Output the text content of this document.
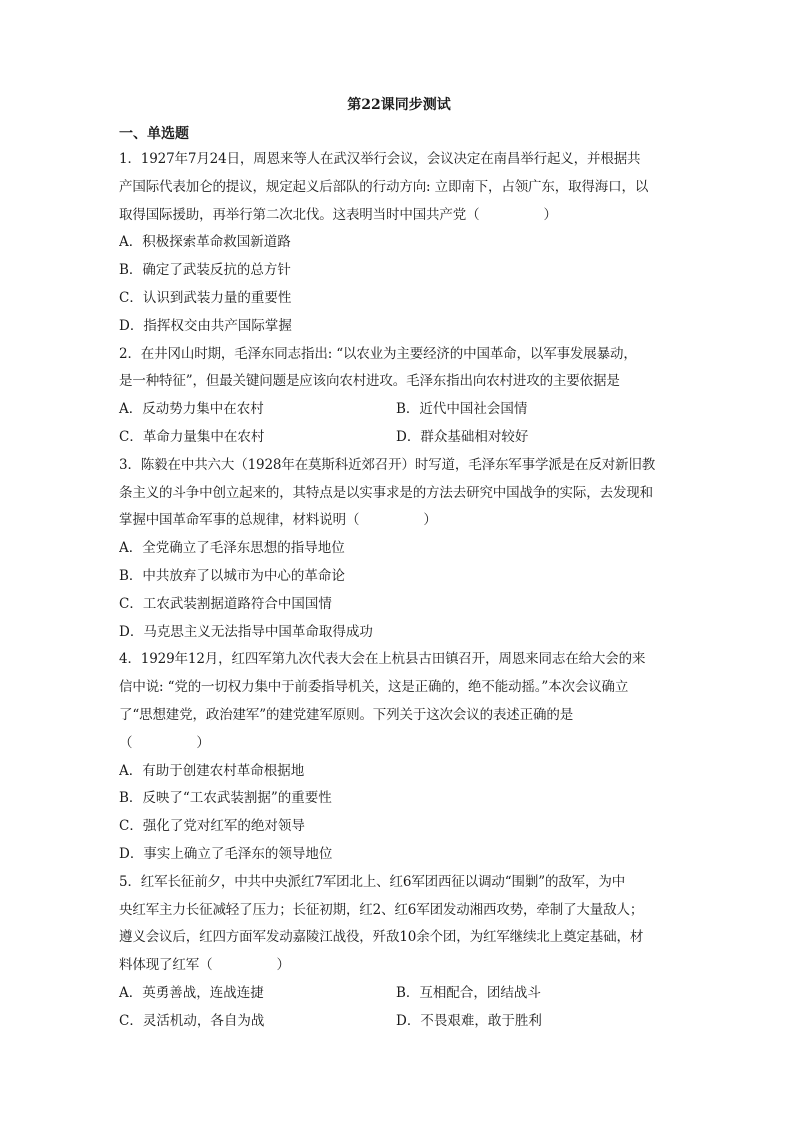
第22课同步测试
一、单选题
1．1927年7月24日，周恩来等人在武汉举行会议，会议决定在南昌举行起义，并根据共
产国际代表加仑的提议，规定起义后部队的行动方向: 立即南下，占领广东，取得海口，以
取得国际援助，再举行第二次北伐。这表明当时中国共产党（	）
A．积极探索革命救国新道路
B．确定了武装反抗的总方针
C．认识到武装力量的重要性
D．指挥权交由共产国际掌握
2．在井冈山时期，毛泽东同志指出: “以农业为主要经济的中国革命，以军事发展暴动，
是一种特征”，但最关键问题是应该向农村进攻。毛泽东指出向农村进攻的主要依据是
A．反动势力集中在农村	B．近代中国社会国情
C．革命力量集中在农村	D．群众基础相对较好
3．陈毅在中共六大（1928年在莫斯科近郊召开）时写道，毛泽东军事学派是在反对新旧教
条主义的斗争中创立起来的，其特点是以实事求是的方法去研究中国战争的实际，去发现和
掌握中国革命军事的总规律，材料说明（	）
A．全党确立了毛泽东思想的指导地位
B．中共放弃了以城市为中心的革命论
C．工农武装割据道路符合中国国情
D．马克思主义无法指导中国革命取得成功
4．1929年12月，红四军第九次代表大会在上杭县古田镇召开，周恩来同志在给大会的来
信中说: “党的一切权力集中于前委指导机关，这是正确的，绝不能动摇。”本次会议确立
了“思想建党，政治建军”的建党建军原则。下列关于这次会议的表述正确的是
（	）
A．有助于创建农村革命根据地
B．反映了“工农武装割据”的重要性
C．强化了党对红军的绝对领导
D．事实上确立了毛泽东的领导地位
5．红军长征前夕，中共中央派红7军团北上、红6军团西征以调动“围剿”的敌军，为中
央红军主力长征减轻了压力；长征初期，红2、红6军团发动湘西攻势，牵制了大量敌人；
遵义会议后，红四方面军发动嘉陵江战役，歼敌10余个团，为红军继续北上奠定基础，材
料体现了红军（	）
A．英勇善战，连战连捷	B．互相配合，团结战斗
C．灵活机动，各自为战	D．不畏艰难，敢于胜利
